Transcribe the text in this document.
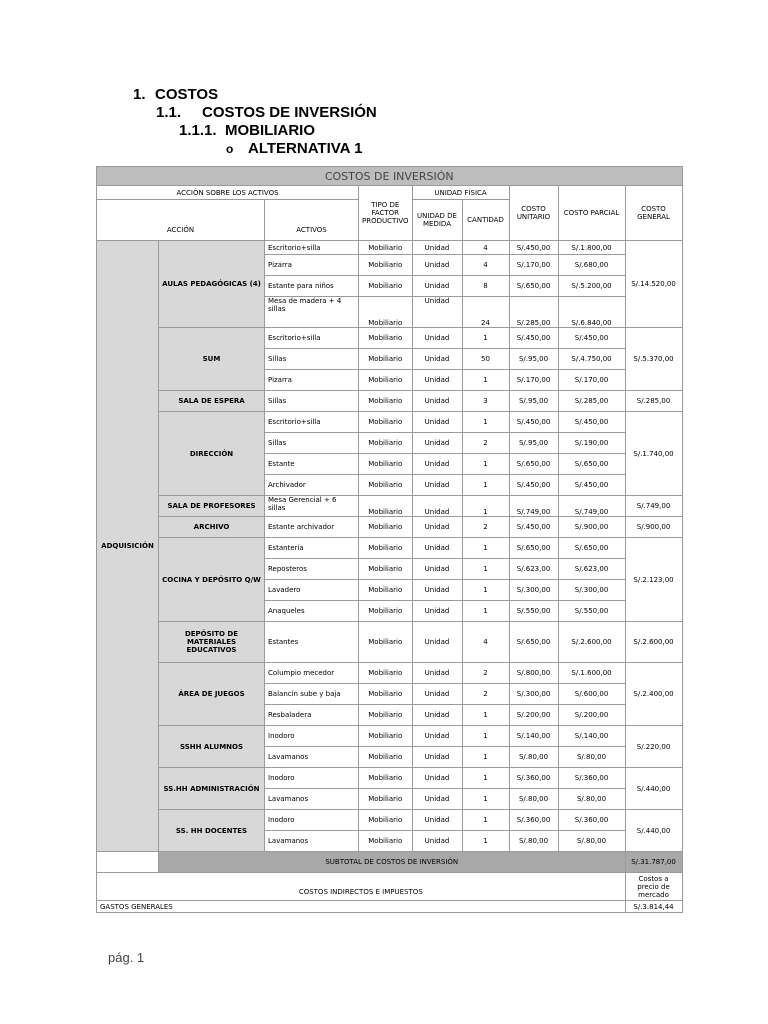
1. COSTOS
1.1. COSTOS DE INVERSIÓN
1.1.1. MOBILIARIO
o ALTERNATIVA 1
COSTOS DE INVERSIÓN								
ACCIÓN SOBRE LOS ACTIVOS			TIPO DE FACTOR PRODUCTIVO	UNIDAD FÍSICA		COSTO UNITARIO	COSTO PARCIAL	COSTO GENERAL
ACCIÓN		ACTIVOS		UNIDAD DE MEDIDA	CANTIDAD			
ADQUISICIÓN	AULAS PEDAGÓGICAS (4)	Escritorio+silla	Mobiliario	Unidad	4	S/.450,00	S/.1.800,00	S/.14.520,00
		Pizarra	Mobiliario	Unidad	4	S/.170,00	S/.680,00	
		Estante para niños	Mobiliario	Unidad	8	S/.650,00	S/.5.200,00	
		Mesa de madera + 4 sillas	Mobiliario	Unidad	24	S/.285,00	S/.6.840,00	
	SUM	Escritorio+silla	Mobiliario	Unidad	1	S/.450,00	S/.450,00	S/.5.370,00
		Sillas	Mobiliario	Unidad	50	S/.95,00	S/.4.750,00	
		Pizarra	Mobiliario	Unidad	1	S/.170,00	S/.170,00	
	SALA DE ESPERA	Sillas	Mobiliario	Unidad	3	S/.95,00	S/.285,00	S/.285,00
	DIRECCIÓN	Escritorio+silla	Mobiliario	Unidad	1	S/.450,00	S/.450,00	S/.1.740,00
		Sillas	Mobiliario	Unidad	2	S/.95,00	S/.190,00	
		Estante	Mobiliario	Unidad	1	S/.650,00	S/.650,00	
		Archivador	Mobiliario	Unidad	1	S/.450,00	S/.450,00	
	SALA DE PROFESORES	Mesa Gerencial + 6 sillas	Mobiliario	Unidad	1	S/.749,00	S/.749,00	S/.749,00
	ARCHIVO	Estante archivador	Mobiliario	Unidad	2	S/.450,00	S/.900,00	S/.900,00
	COCINA Y DEPÓSITO Q/W	Estantería	Mobiliario	Unidad	1	S/.650,00	S/.650,00	S/.2.123,00
		Reposteros	Mobiliario	Unidad	1	S/.623,00	S/.623,00	
		Lavadero	Mobiliario	Unidad	1	S/.300,00	S/.300,00	
		Anaqueles	Mobiliario	Unidad	1	S/.550,00	S/.550,00	
	DEPÓSITO DE MATERIALES EDUCATIVOS	Estantes	Mobiliario	Unidad	4	S/.650,00	S/.2.600,00	S/.2.600,00
	ÁREA DE JUEGOS	Columpio mecedor	Mobiliario	Unidad	2	S/.800,00	S/.1.600,00	S/.2.400,00
		Balancín sube y baja	Mobiliario	Unidad	2	S/.300,00	S/.600,00	
		Resbaladera	Mobiliario	Unidad	1	S/.200,00	S/.200,00	
	SSHH ALUMNOS	Inodoro	Mobiliario	Unidad	1	S/.140,00	S/.140,00	S/.220,00
		Lavamanos	Mobiliario	Unidad	1	S/.80,00	S/.80,00	
	SS.HH ADMINISTRACIÓN	Inodoro	Mobiliario	Unidad	1	S/.360,00	S/.360,00	S/.440,00
		Lavamanos	Mobiliario	Unidad	1	S/.80,00	S/.80,00	
	SS. HH DOCENTES	Inodoro	Mobiliario	Unidad	1	S/.360,00	S/.360,00	S/.440,00
		Lavamanos	Mobiliario	Unidad	1	S/.80,00	S/.80,00	
	SUBTOTAL DE COSTOS DE INVERSIÓN							S/.31.787,00
COSTOS INDIRECTOS E IMPUESTOS								Costos a precio de mercado
GASTOS GENERALES								S/.3.814,44
pág. 1
